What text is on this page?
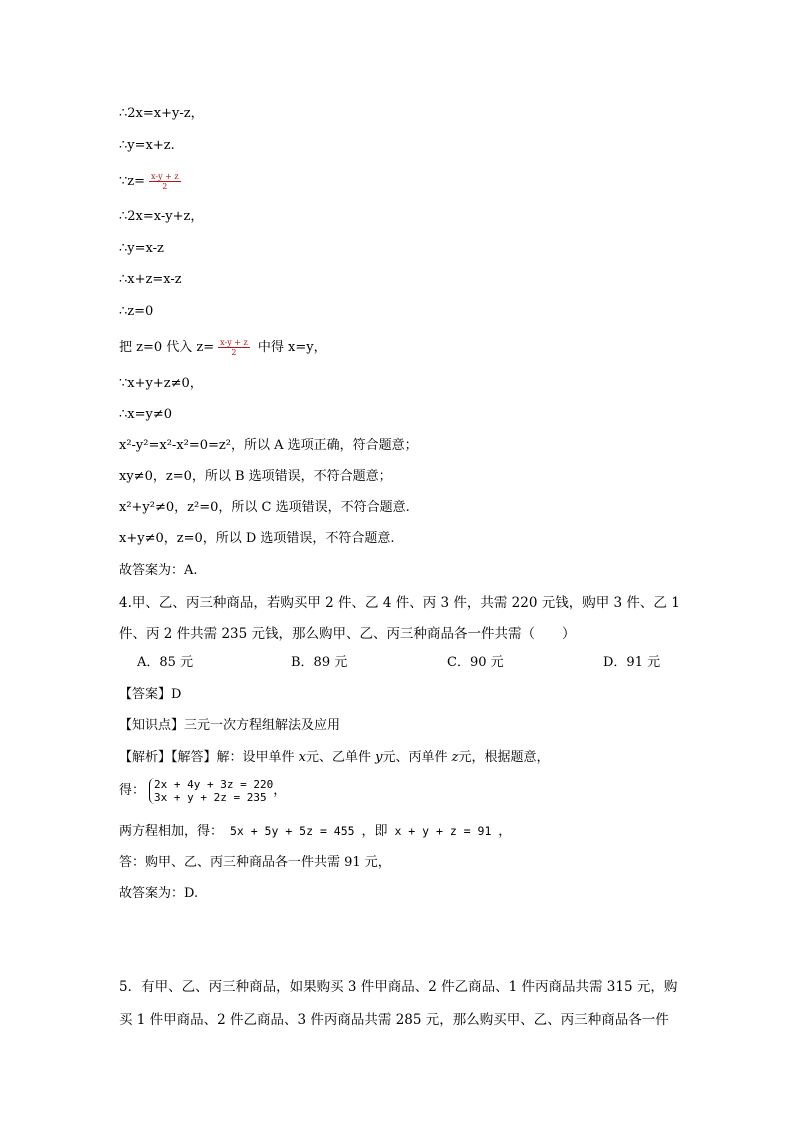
∴2x=x+y-z，
∴y=x+z.
∵z= $\frac{x-y + z}{2}$
∴2x=x-y+z，
∴y=x-z
∴x+z=x-z
∴z=0
把 z=0 代入 $z= \frac{x-y + z}{2}$ 中得 x=y，
∵x+y+z≠0，
∴x=y≠0
x²-y²=x²-x²=0=z²，所以 A 选项正确，符合题意；
xy≠0，z=0，所以 B 选项错误，不符合题意；
x²+y²≠0，z²=0，所以 C 选项错误，不符合题意.
x+y≠0，z=0，所以 D 选项错误，不符合题意.
故答案为：A.
4.甲、乙、丙三种商品，若购买甲 2 件、乙 4 件、丙 3 件，共需 220 元钱，购甲 3 件、乙 1
件、丙 2 件共需 235 元钱，那么购甲、乙、丙三种商品各一件共需（　　）
A．85 元	B．89 元	C．90 元	D．91 元
【答案】D
【知识点】三元一次方程组解法及应用
【解析】【解答】解：设甲单件 x元、乙单件 y元、丙单件 z元，根据题意，
得： 2x + 4y + 3z = 220
3x + y + 2z = 235 ，
两方程相加，得： 5x + 5y + 5z = 455 ，即 x + y + z = 91 ，
答：购甲、乙、丙三种商品各一件共需 91 元，
故答案为：D.
5．有甲、乙、丙三种商品，如果购买 3 件甲商品、2 件乙商品、1 件丙商品共需 315 元，购
买 1 件甲商品、2 件乙商品、3 件丙商品共需 285 元，那么购买甲、乙、丙三种商品各一件
